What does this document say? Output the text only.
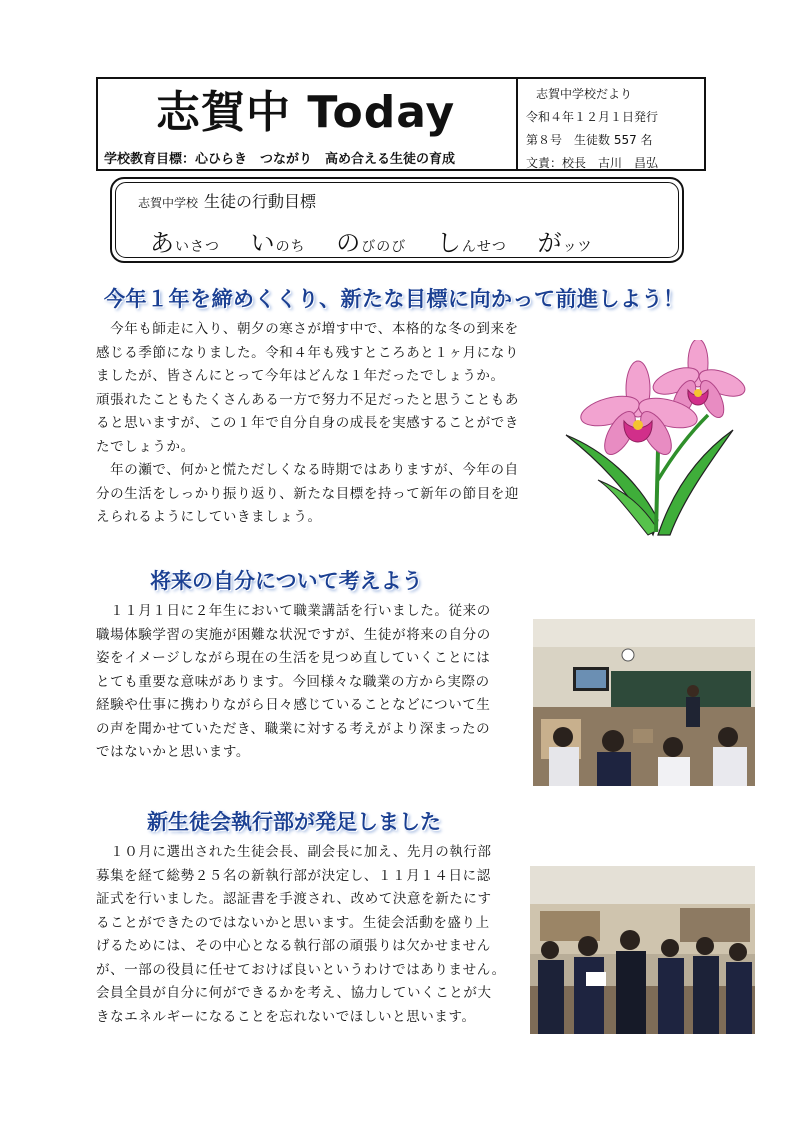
志賀中 Today
学校教育目標：心ひらき　つながり　高め合える生徒の育成
志賀中学校だより
令和４年１２月１日発行
第８号　生徒数 557 名
文責：校長　古川　昌弘
志賀中学校 生徒の行動目標
あいさつ いのち のびのび しんせつ がッツ
今年１年を締めくくり、新たな目標に向かって前進しよう！
　今年も師走に入り、朝夕の寒さが増す中で、本格的な冬の到来を
感じる季節になりました。令和４年も残すところあと１ヶ月になり
ましたが、皆さんにとって今年はどんな１年だったでしょうか。
頑張れたこともたくさんある一方で努力不足だったと思うこともあ
ると思いますが、この１年で自分自身の成長を実感することができ
たでしょうか。
　年の瀬で、何かと慌ただしくなる時期ではありますが、今年の自
分の生活をしっかり振り返り、新たな目標を持って新年の節目を迎
えられるようにしていきましょう。
将来の自分について考えよう
　１１月１日に２年生において職業講話を行いました。従来の
職場体験学習の実施が困難な状況ですが、生徒が将来の自分の
姿をイメージしながら現在の生活を見つめ直していくことには
とても重要な意味があります。今回様々な職業の方から実際の
経験や仕事に携わりながら日々感じていることなどについて生
の声を聞かせていただき、職業に対する考えがより深まったの
ではないかと思います。
新生徒会執行部が発足しました
　１０月に選出された生徒会長、副会長に加え、先月の執行部
募集を経て総勢２５名の新執行部が決定し、１１月１４日に認
証式を行いました。認証書を手渡され、改めて決意を新たにす
ることができたのではないかと思います。生徒会活動を盛り上
げるためには、その中心となる執行部の頑張りは欠かせません
が、一部の役員に任せておけば良いというわけではありません。
会員全員が自分に何ができるかを考え、協力していくことが大
きなエネルギーになることを忘れないでほしいと思います。
